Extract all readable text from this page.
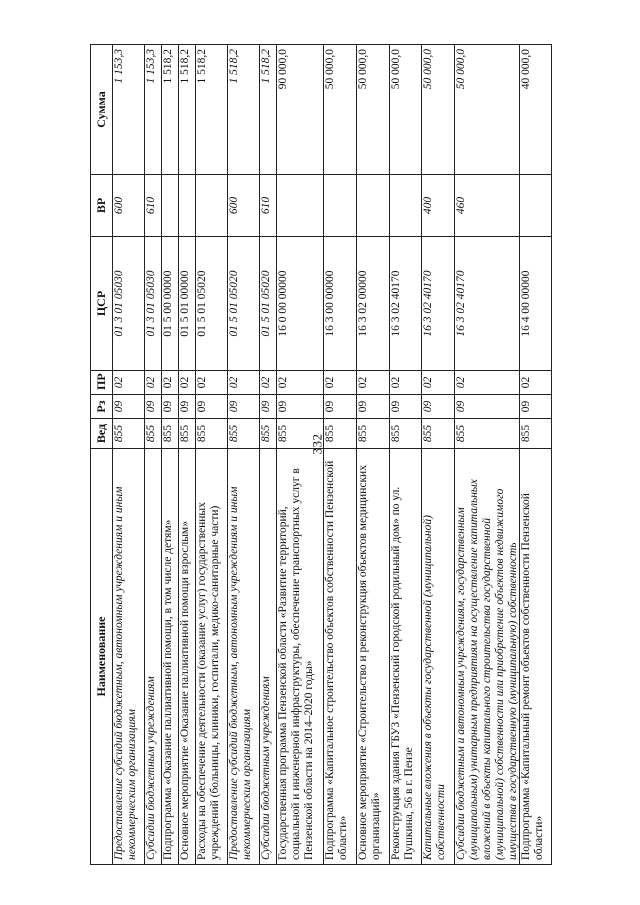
332
Наименование	Вед	Рз	ПР	ЦСР	ВР	Сумма
Предоставление субсидий бюджетным, автономным учреждениям и иным некоммерческим организациям	855	09	02	01 3 01 05030	600	1 153,3
Субсидии бюджетным учреждениям	855	09	02	01 3 01 05030	610	1 153,3
Подпрограмма «Оказание паллиативной помощи, в том числе детям»	855	09	02	01 5 00 00000		1 518,2
Основное мероприятие «Оказание паллиативной помощи взрослым»	855	09	02	01 5 01 00000		1 518,2
Расходы на обеспечение деятельности (оказание услуг) государственных учреждений (больницы, клиники, госпитали, медико-санитарные части)	855	09	02	01 5 01 05020		1 518,2
Предоставление субсидий бюджетным, автономным учреждениям и иным некоммерческим организациям	855	09	02	01 5 01 05020	600	1 518,2
Субсидии бюджетным учреждениям	855	09	02	01 5 01 05020	610	1 518,2
Государственная программа Пензенской области «Развитие территорий, социальной и инженерной инфраструктуры, обеспечение транспортных услуг в Пензенской области на 2014–2020 годы»	855	09	02	16 0 00 00000		90 000,0
Подпрограмма «Капитальное строительство объектов собственности Пензенской области»	855	09	02	16 3 00 00000		50 000,0
Основное мероприятие «Строительство и реконструкция объектов медицинских организаций»	855	09	02	16 3 02 00000		50 000,0
Реконструкция здания ГБУЗ «Пензенский городской родильный дом» по ул. Пушкина, 56 в г. Пензе	855	09	02	16 3 02 40170		50 000,0
Капитальные вложения в объекты государственной (муниципальной) собственности	855	09	02	16 3 02 40170	400	50 000,0
Субсидии бюджетным и автономным учреждениям, государственным (муниципальным) унитарным предприятиям на осуществление капитальных вложений в объекты капитального строительства государственной (муниципальной) собственности или приобретение объектов недвижимого имущества в государственную (муниципальную) собственность	855	09	02	16 3 02 40170	460	50 000,0
Подпрограмма «Капитальный ремонт объектов собственности Пензенской области»	855	09	02	16 4 00 00000		40 000,0
